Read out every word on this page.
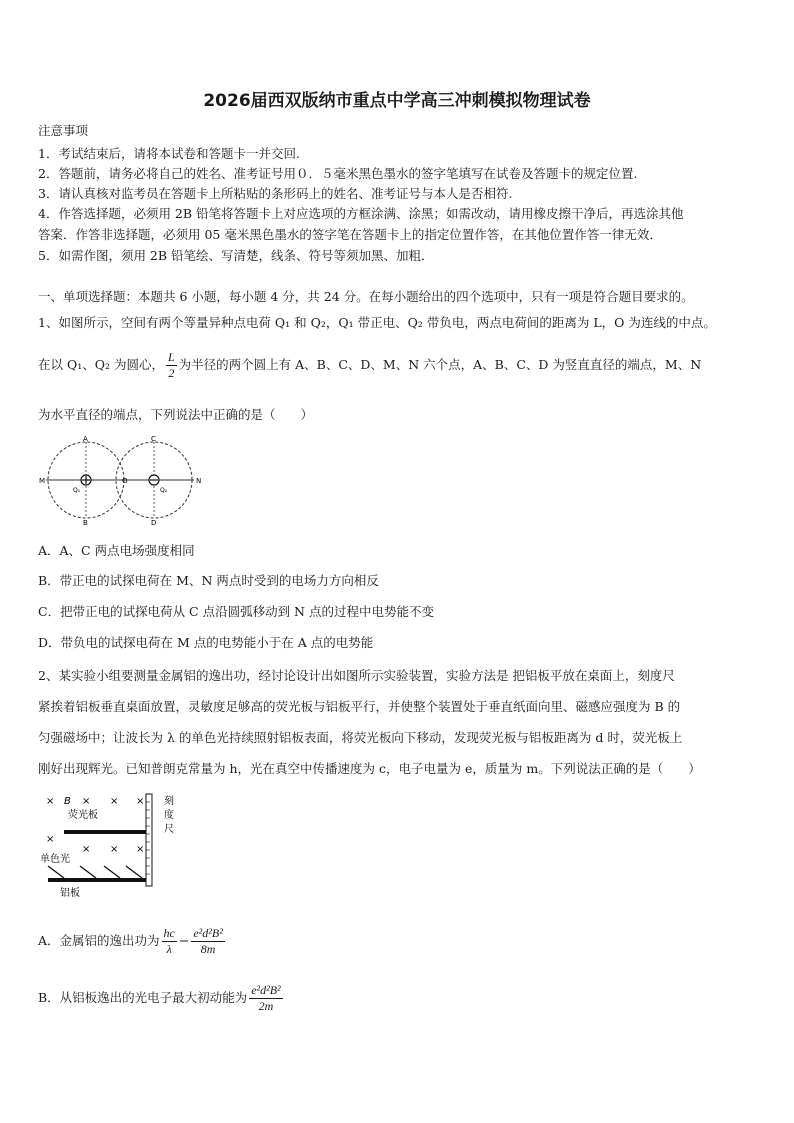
2026届西双版纳市重点中学高三冲刺模拟物理试卷
注意事项
1．考试结束后，请将本试卷和答题卡一并交回.
2．答题前，请务必将自己的姓名、准考证号用０．５毫米黑色墨水的签字笔填写在试卷及答题卡的规定位置.
3．请认真核对监考员在答题卡上所粘贴的条形码上的姓名、准考证号与本人是否相符.
4．作答选择题，必须用 2B 铅笔将答题卡上对应选项的方框涂满、涂黑；如需改动，请用橡皮擦干净后，再选涂其他
答案．作答非选择题，必须用 05 毫米黑色墨水的签字笔在答题卡上的指定位置作答，在其他位置作答一律无效．
5．如需作图，须用 2B 铅笔绘、写清楚，线条、符号等须加黑、加粗．
一、单项选择题：本题共 6 小题，每小题 4 分，共 24 分。在每小题给出的四个选项中，只有一项是符合题目要求的。
1、如图所示，空间有两个等量异种点电荷 Q₁ 和 Q₂，Q₁ 带正电、Q₂ 带负电，两点电荷间的距离为 L，O 为连线的中点。
在以 Q₁、Q₂ 为圆心， $\frac{L}{2}$ 为半径的两个圆上有 A、B、C、D、M、N 六个点，A、B、C、D 为竖直直径的端点，M、N
为水平直径的端点，下列说法中正确的是（　　）
A
B
C
D
M	N
O
Q₁	Q₂
A．A、C 两点电场强度相同
B．带正电的试探电荷在 M、N 两点时受到的电场力方向相反
C．把带正电的试探电荷从 C 点沿圆弧移动到 N 点的过程中电势能不变
D．带负电的试探电荷在 M 点的电势能小于在 A 点的电势能
2、某实验小组要测量金属铝的逸出功，经讨论设计出如图所示实验装置，实验方法是 把铝板平放在桌面上，刻度尺
紧挨着铝板垂直桌面放置，灵敏度足够高的荧光板与铝板平行，并使整个装置处于垂直纸面向里、磁感应强度为 B 的
匀强磁场中；让波长为 λ 的单色光持续照射铝板表面，将荧光板向下移动，发现荧光板与铝板距离为 d 时，荧光板上
刚好出现辉光。已知普朗克常量为 h，光在真空中传播速度为 c，电子电量为 e，质量为 m。下列说法正确的是（　　）
× B × × ×
×
× × ×
荧光板
刻
度
尺
单色光
铝板
A．金属铝的逸出功为 $\frac{hc}{\lambda} - \frac{\text{e²d²B²}}{8m}$
B．从铝板逸出的光电子最大初动能为 $\frac{\text{e²d²B²}}{2m}$
